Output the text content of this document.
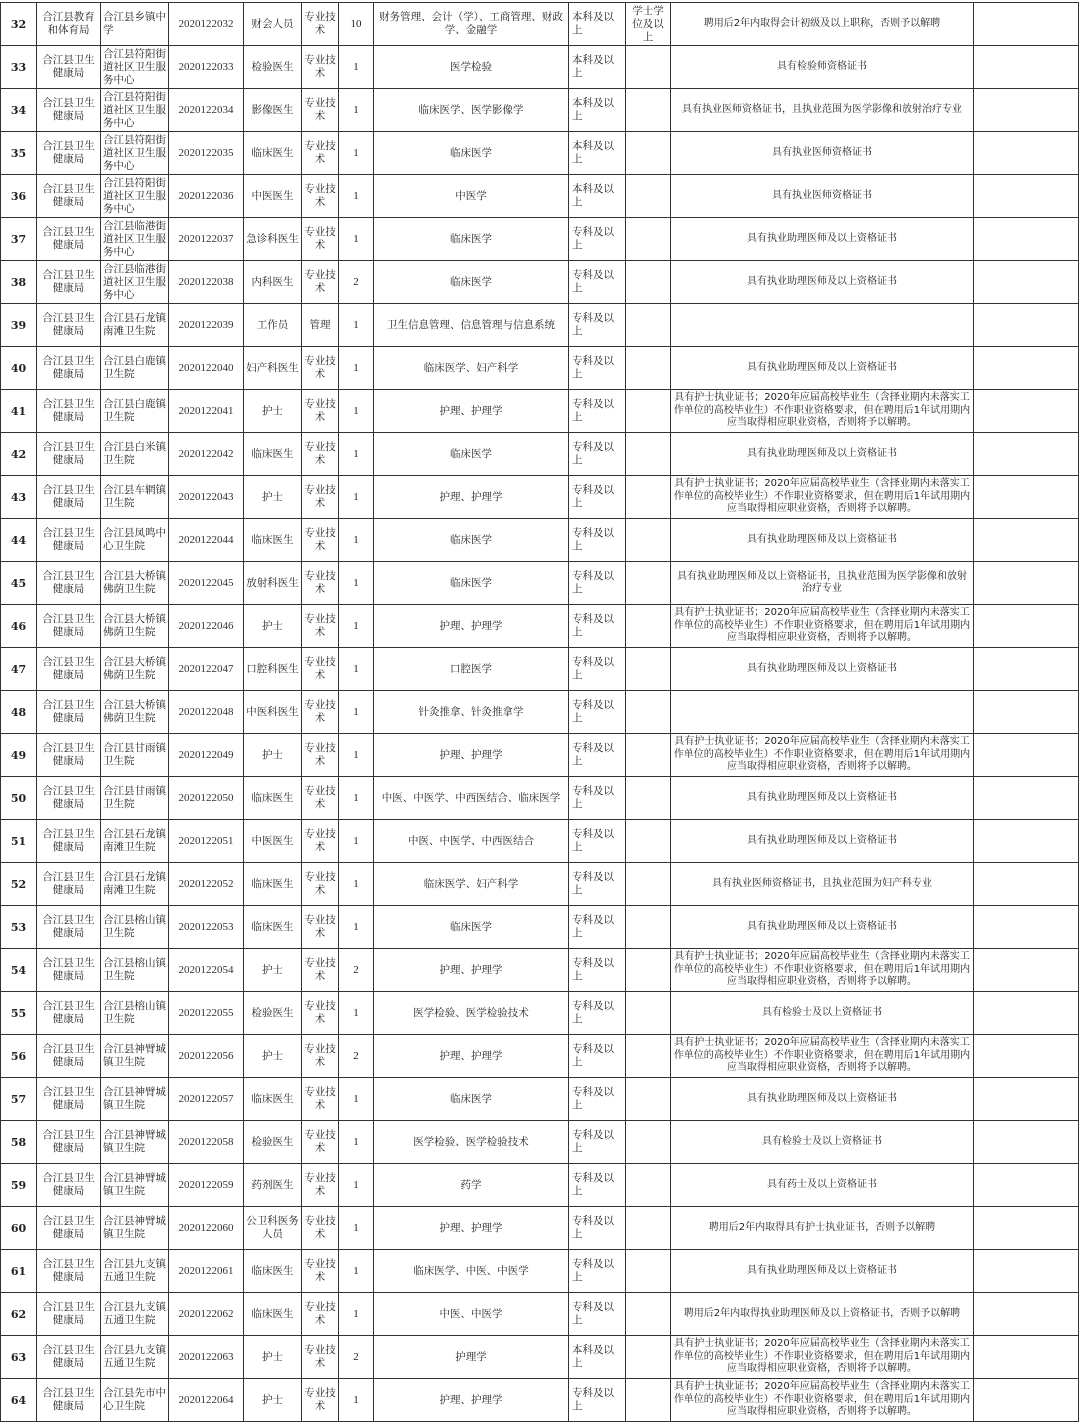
32	合江县教育和体育局	合江县乡镇中学	2020122032	财会人员	专业技术	10	财务管理、会计（学）、工商管理、财政学、金融学	本科及以上	学士学位及以上	聘用后2年内取得会计初级及以上职称，否则予以解聘	
33	合江县卫生健康局	合江县符阳街道社区卫生服务中心	2020122033	检验医生	专业技术	1	医学检验	本科及以上		具有检验师资格证书	
34	合江县卫生健康局	合江县符阳街道社区卫生服务中心	2020122034	影像医生	专业技术	1	临床医学、医学影像学	本科及以上		具有执业医师资格证书，且执业范围为医学影像和放射治疗专业	
35	合江县卫生健康局	合江县符阳街道社区卫生服务中心	2020122035	临床医生	专业技术	1	临床医学	本科及以上		具有执业医师资格证书	
36	合江县卫生健康局	合江县符阳街道社区卫生服务中心	2020122036	中医医生	专业技术	1	中医学	本科及以上		具有执业医师资格证书	
37	合江县卫生健康局	合江县临港街道社区卫生服务中心	2020122037	急诊科医生	专业技术	1	临床医学	专科及以上		具有执业助理医师及以上资格证书	
38	合江县卫生健康局	合江县临港街道社区卫生服务中心	2020122038	内科医生	专业技术	2	临床医学	专科及以上		具有执业助理医师及以上资格证书	
39	合江县卫生健康局	合江县石龙镇南滩卫生院	2020122039	工作员	管理	1	卫生信息管理、信息管理与信息系统	专科及以上			
40	合江县卫生健康局	合江县白鹿镇卫生院	2020122040	妇产科医生	专业技术	1	临床医学、妇产科学	专科及以上		具有执业助理医师及以上资格证书	
41	合江县卫生健康局	合江县白鹿镇卫生院	2020122041	护士	专业技术	1	护理、护理学	专科及以上		具有护士执业证书；2020年应届高校毕业生（含择业期内未落实工作单位的高校毕业生）不作职业资格要求，但在聘用后1年试用期内应当取得相应职业资格，否则将予以解聘。	
42	合江县卫生健康局	合江县白米镇卫生院	2020122042	临床医生	专业技术	1	临床医学	专科及以上		具有执业助理医师及以上资格证书	
43	合江县卫生健康局	合江县车辋镇卫生院	2020122043	护士	专业技术	1	护理、护理学	专科及以上		具有护士执业证书；2020年应届高校毕业生（含择业期内未落实工作单位的高校毕业生）不作职业资格要求，但在聘用后1年试用期内应当取得相应职业资格，否则将予以解聘。	
44	合江县卫生健康局	合江县凤鸣中心卫生院	2020122044	临床医生	专业技术	1	临床医学	专科及以上		具有执业助理医师及以上资格证书	
45	合江县卫生健康局	合江县大桥镇佛荫卫生院	2020122045	放射科医生	专业技术	1	临床医学	专科及以上		具有执业助理医师及以上资格证书，且执业范围为医学影像和放射治疗专业	
46	合江县卫生健康局	合江县大桥镇佛荫卫生院	2020122046	护士	专业技术	1	护理、护理学	专科及以上		具有护士执业证书；2020年应届高校毕业生（含择业期内未落实工作单位的高校毕业生）不作职业资格要求，但在聘用后1年试用期内应当取得相应职业资格，否则将予以解聘。	
47	合江县卫生健康局	合江县大桥镇佛荫卫生院	2020122047	口腔科医生	专业技术	1	口腔医学	专科及以上		具有执业助理医师及以上资格证书	
48	合江县卫生健康局	合江县大桥镇佛荫卫生院	2020122048	中医科医生	专业技术	1	针灸推拿、针灸推拿学	专科及以上			
49	合江县卫生健康局	合江县甘雨镇卫生院	2020122049	护士	专业技术	1	护理、护理学	专科及以上		具有护士执业证书；2020年应届高校毕业生（含择业期内未落实工作单位的高校毕业生）不作职业资格要求，但在聘用后1年试用期内应当取得相应职业资格，否则将予以解聘。	
50	合江县卫生健康局	合江县甘雨镇卫生院	2020122050	临床医生	专业技术	1	中医、中医学、中西医结合、临床医学	专科及以上		具有执业助理医师及以上资格证书	
51	合江县卫生健康局	合江县石龙镇南滩卫生院	2020122051	中医医生	专业技术	1	中医、中医学、中西医结合	专科及以上		具有执业助理医师及以上资格证书	
52	合江县卫生健康局	合江县石龙镇南滩卫生院	2020122052	临床医生	专业技术	1	临床医学、妇产科学	专科及以上		具有执业医师资格证书，且执业范围为妇产科专业	
53	合江县卫生健康局	合江县榕山镇卫生院	2020122053	临床医生	专业技术	1	临床医学	专科及以上		具有执业助理医师及以上资格证书	
54	合江县卫生健康局	合江县榕山镇卫生院	2020122054	护士	专业技术	2	护理、护理学	专科及以上		具有护士执业证书；2020年应届高校毕业生（含择业期内未落实工作单位的高校毕业生）不作职业资格要求，但在聘用后1年试用期内应当取得相应职业资格，否则将予以解聘。	
55	合江县卫生健康局	合江县榕山镇卫生院	2020122055	检验医生	专业技术	1	医学检验、医学检验技术	专科及以上		具有检验士及以上资格证书	
56	合江县卫生健康局	合江县神臂城镇卫生院	2020122056	护士	专业技术	2	护理、护理学	专科及以上		具有护士执业证书；2020年应届高校毕业生（含择业期内未落实工作单位的高校毕业生）不作职业资格要求，但在聘用后1年试用期内应当取得相应职业资格，否则将予以解聘。	
57	合江县卫生健康局	合江县神臂城镇卫生院	2020122057	临床医生	专业技术	1	临床医学	专科及以上		具有执业助理医师及以上资格证书	
58	合江县卫生健康局	合江县神臂城镇卫生院	2020122058	检验医生	专业技术	1	医学检验、医学检验技术	专科及以上		具有检验士及以上资格证书	
59	合江县卫生健康局	合江县神臂城镇卫生院	2020122059	药剂医生	专业技术	1	药学	专科及以上		具有药士及以上资格证书	
60	合江县卫生健康局	合江县神臂城镇卫生院	2020122060	公卫科医务人员	专业技术	1	护理、护理学	专科及以上		聘用后2年内取得具有护士执业证书，否则予以解聘	
61	合江县卫生健康局	合江县九支镇五通卫生院	2020122061	临床医生	专业技术	1	临床医学、中医、中医学	专科及以上		具有执业助理医师及以上资格证书	
62	合江县卫生健康局	合江县九支镇五通卫生院	2020122062	临床医生	专业技术	1	中医、中医学	专科及以上		聘用后2年内取得执业助理医师及以上资格证书，否则予以解聘	
63	合江县卫生健康局	合江县九支镇五通卫生院	2020122063	护士	专业技术	2	护理学	本科及以上		具有护士执业证书；2020年应届高校毕业生（含择业期内未落实工作单位的高校毕业生）不作职业资格要求，但在聘用后1年试用期内应当取得相应职业资格，否则将予以解聘。	
64	合江县卫生健康局	合江县先市中心卫生院	2020122064	护士	专业技术	1	护理、护理学	专科及以上		具有护士执业证书；2020年应届高校毕业生（含择业期内未落实工作单位的高校毕业生）不作职业资格要求，但在聘用后1年试用期内应当取得相应职业资格，否则将予以解聘。	
